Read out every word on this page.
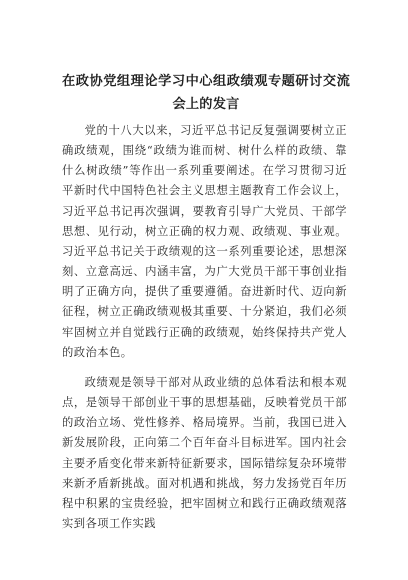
在政协党组理论学习中心组政绩观专题研讨交流会上的发言

党的十八大以来，习近平总书记反复强调要树立正确政绩观，围绕“政绩为谁而树、树什么样的政绩、靠什么树政绩”等作出一系列重要阐述。在学习贯彻习近平新时代中国特色社会主义思想主题教育工作会议上，习近平总书记再次强调，要教育引导广大党员、干部学思想、见行动，树立正确的权力观、政绩观、事业观。习近平总书记关于政绩观的这一系列重要论述，思想深刻、立意高远、内涵丰富，为广大党员干部干事创业指明了正确方向，提供了重要遵循。奋进新时代、迈向新征程，树立正确政绩观极其重要、十分紧迫，我们必须牢固树立并自觉践行正确的政绩观，始终保持共产党人的政治本色。

政绩观是领导干部对从政业绩的总体看法和根本观点，是领导干部创业干事的思想基础，反映着党员干部的政治立场、党性修养、格局境界。当前，我国已进入新发展阶段，正向第二个百年奋斗目标进军。国内社会主要矛盾变化带来新特征新要求，国际错综复杂环境带来新矛盾新挑战。面对机遇和挑战，努力发扬党百年历程中积累的宝贵经验，把牢固树立和践行正确政绩观落实到各项工作实践
